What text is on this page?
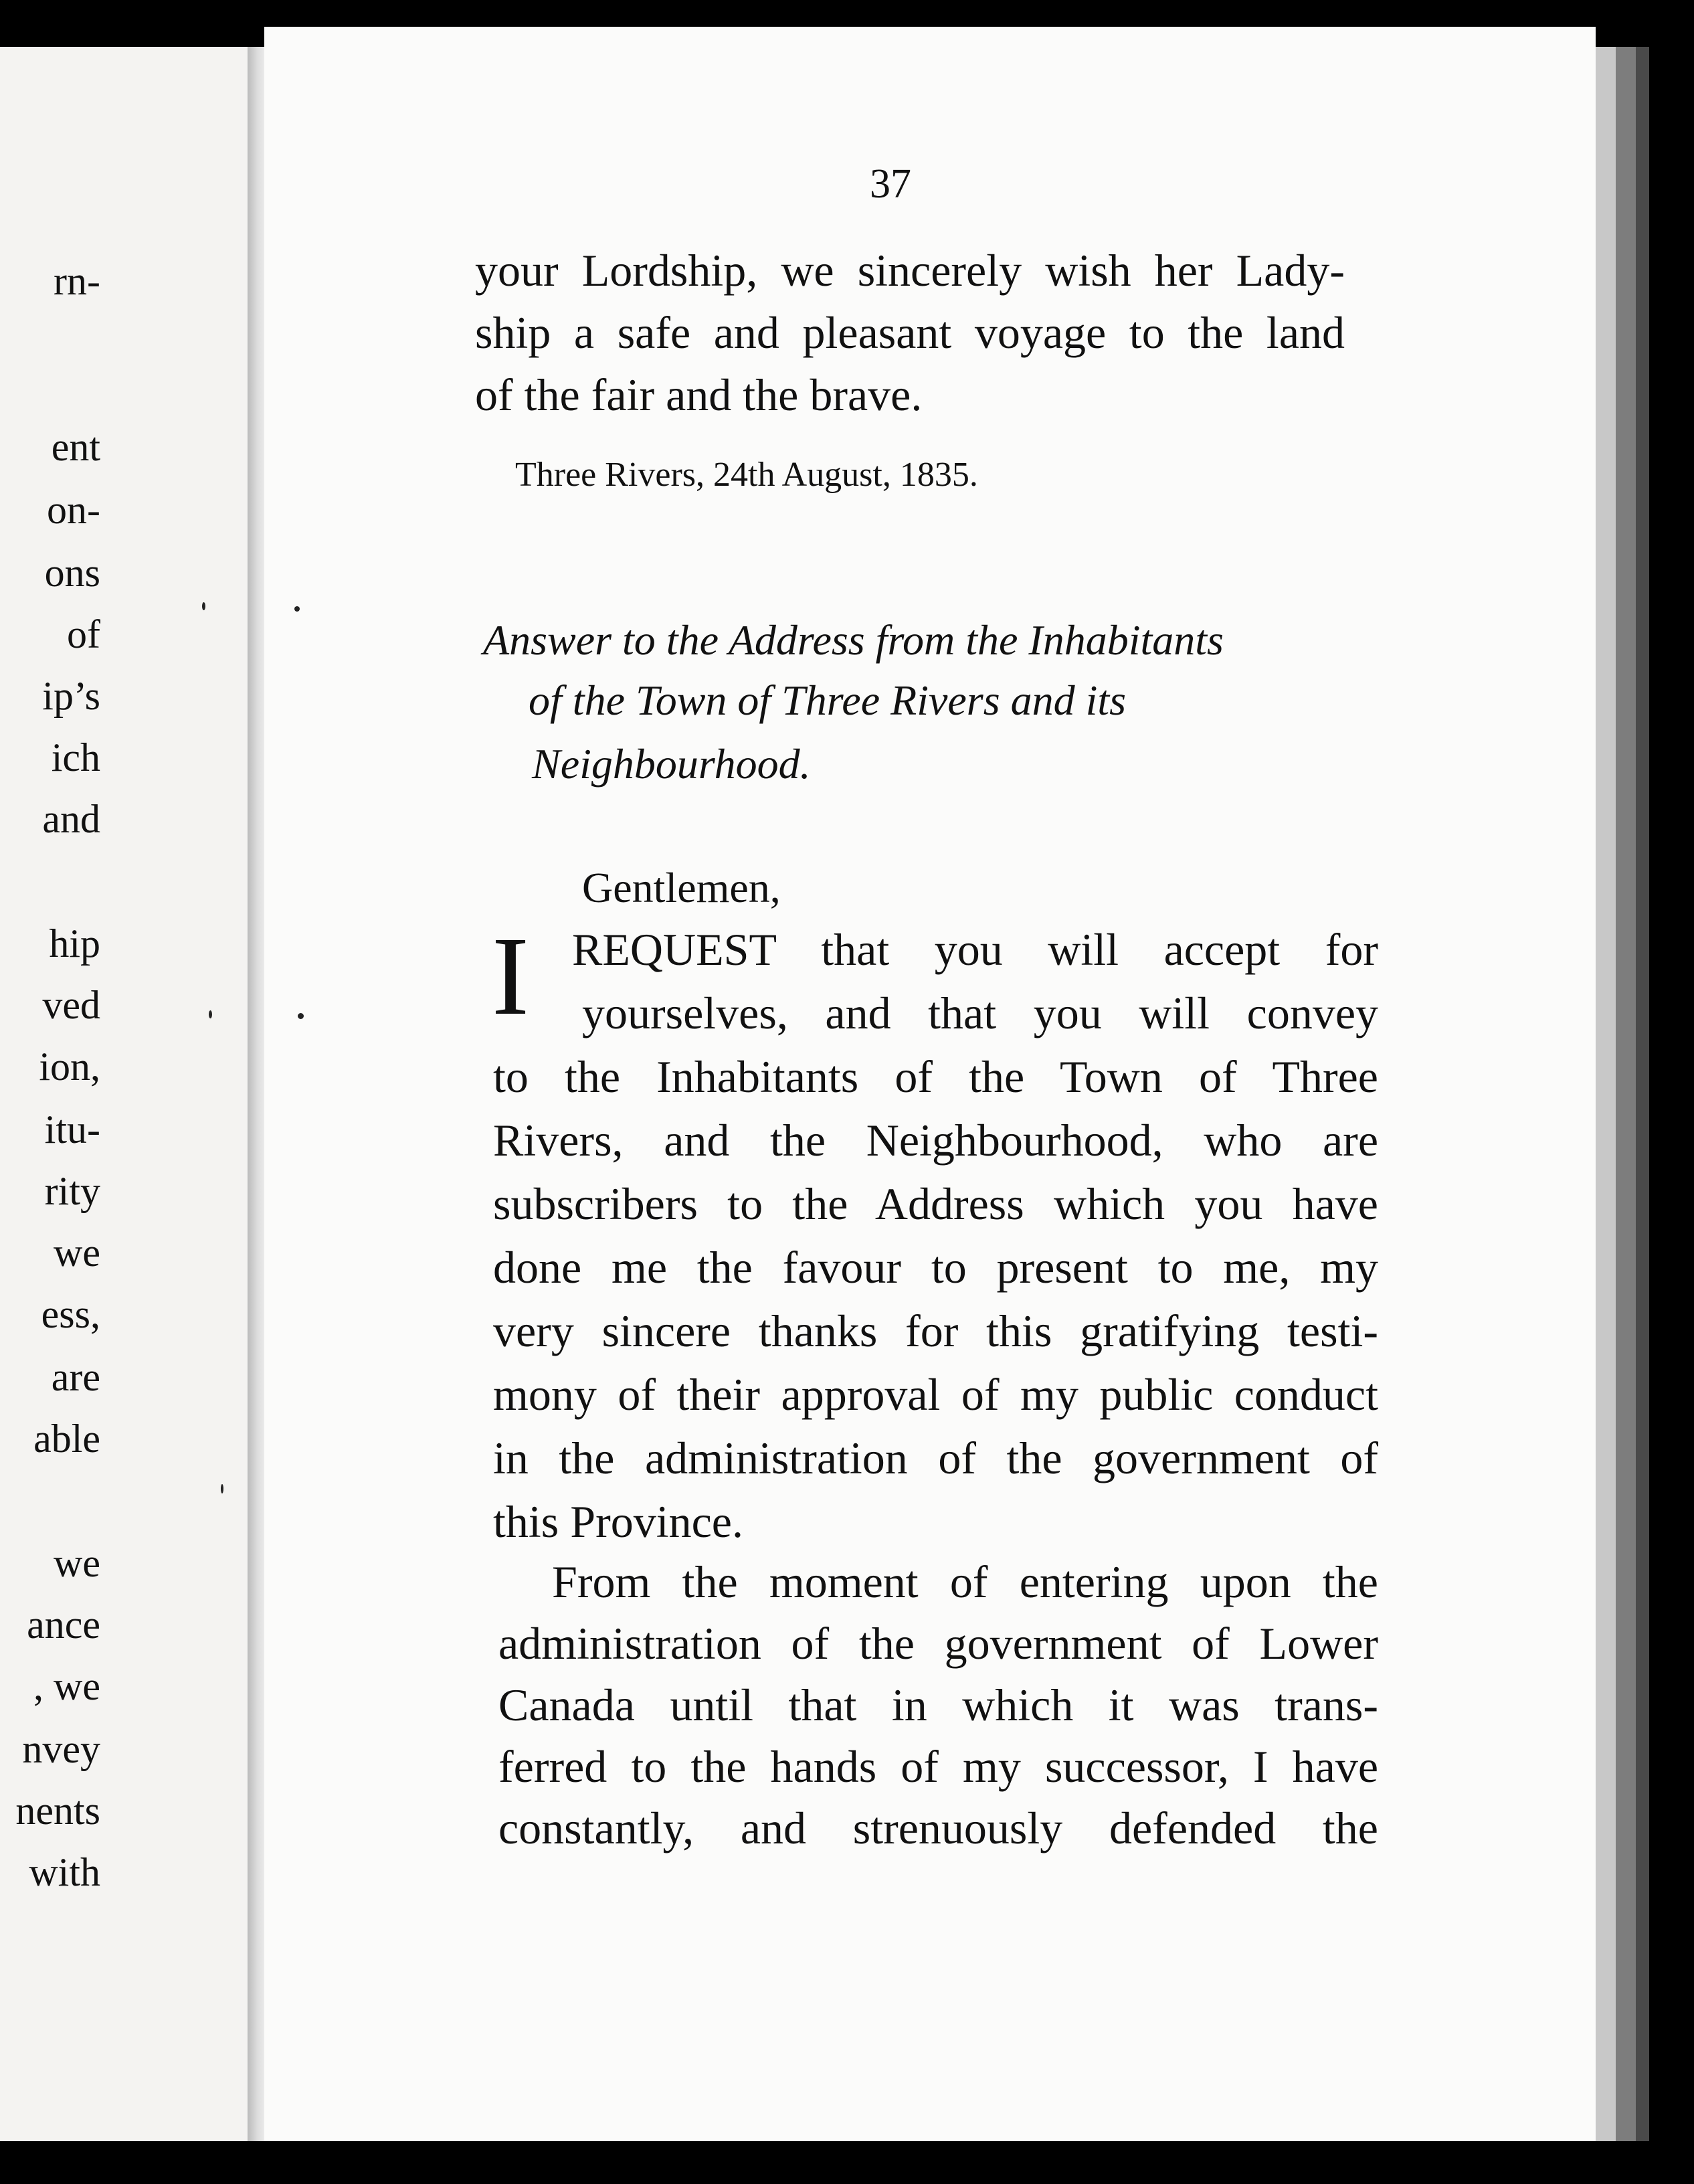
rn-
ent
on-
ons
of
ip’s
ich
and
hip
ved
ion,
itu-
rity
we
ess,
are
able
we
ance
, we
nvey
nents
with
37
your Lordship, we sincerely wish her Lady-
ship a safe and pleasant voyage to the land
of the fair and the brave.
Three Rivers, 24th August, 1835.
Answer to the Address from the Inhabitants
of the Town of Three Rivers and its
Neighbourhood.
Gentlemen,
I REQUEST that you will accept for
yourselves, and that you will convey
to the Inhabitants of the Town of Three
Rivers, and the Neighbourhood, who are
subscribers to the Address which you have
done me the favour to present to me, my
very sincere thanks for this gratifying testi-
mony of their approval of my public conduct
in the administration of the government of
this Province.
From the moment of entering upon the
administration of the government of Lower
Canada until that in which it was trans-
ferred to the hands of my successor, I have
constantly, and strenuously defended the
